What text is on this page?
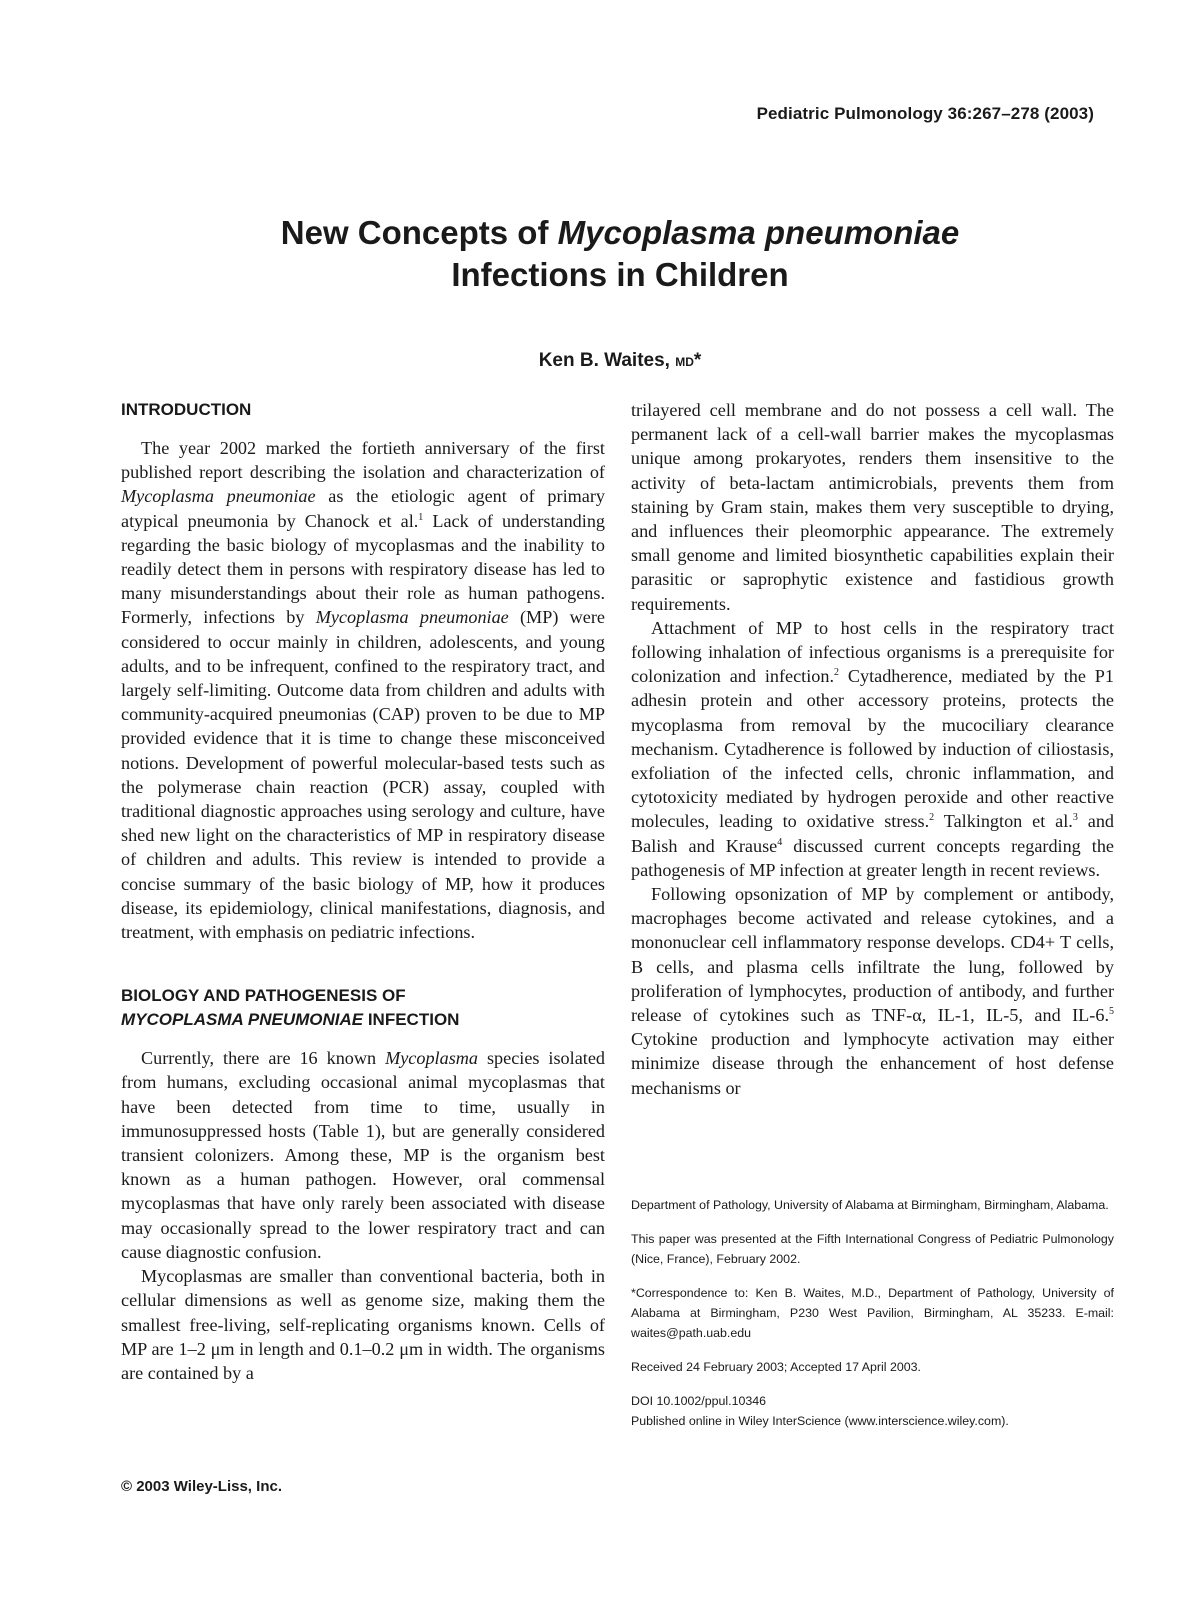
Pediatric Pulmonology 36:267–278 (2003)
New Concepts of Mycoplasma pneumoniae
Infections in Children
Ken B. Waites, MD*
INTRODUCTION

The year 2002 marked the fortieth anniversary of the first published report describing the isolation and characterization of Mycoplasma pneumoniae as the etiologic agent of primary atypical pneumonia by Chanock et al.$^1$ Lack of understanding regarding the basic biology of mycoplasmas and the inability to readily detect them in persons with respiratory disease has led to many misunderstandings about their role as human pathogens. Formerly, infections by Mycoplasma pneumoniae (MP) were considered to occur mainly in children, adolescents, and young adults, and to be infrequent, confined to the respiratory tract, and largely self-limiting. Outcome data from children and adults with community-acquired pneumonias (CAP) proven to be due to MP provided evidence that it is time to change these misconceived notions. Development of powerful molecular-based tests such as the polymerase chain reaction (PCR) assay, coupled with traditional diagnostic approaches using serology and culture, have shed new light on the characteristics of MP in respiratory disease of children and adults. This review is intended to provide a concise summary of the basic biology of MP, how it produces disease, its epidemiology, clinical manifestations, diagnosis, and treatment, with emphasis on pediatric infections.

BIOLOGY AND PATHOGENESIS OF
MYCOPLASMA PNEUMONIAE INFECTION

Currently, there are 16 known Mycoplasma species isolated from humans, excluding occasional animal mycoplasmas that have been detected from time to time, usually in immunosuppressed hosts (Table 1), but are generally considered transient colonizers. Among these, MP is the organism best known as a human pathogen. However, oral commensal mycoplasmas that have only rarely been associated with disease may occasionally spread to the lower respiratory tract and can cause diagnostic confusion.

Mycoplasmas are smaller than conventional bacteria, both in cellular dimensions as well as genome size, making them the smallest free-living, self-replicating organisms known. Cells of MP are 1–2 μm in length and 0.1–0.2 μm in width. The organisms are contained by a

trilayered cell membrane and do not possess a cell wall. The permanent lack of a cell-wall barrier makes the mycoplasmas unique among prokaryotes, renders them insensitive to the activity of beta-lactam antimicrobials, prevents them from staining by Gram stain, makes them very susceptible to drying, and influences their pleomorphic appearance. The extremely small genome and limited biosynthetic capabilities explain their parasitic or saprophytic existence and fastidious growth requirements.

Attachment of MP to host cells in the respiratory tract following inhalation of infectious organisms is a prerequisite for colonization and infection.$^2$ Cytadherence, mediated by the P1 adhesin protein and other accessory proteins, protects the mycoplasma from removal by the mucociliary clearance mechanism. Cytadherence is followed by induction of ciliostasis, exfoliation of the infected cells, chronic inflammation, and cytotoxicity mediated by hydrogen peroxide and other reactive molecules, leading to oxidative stress.$^2$ Talkington et al.$^3$ and Balish and Krause$^4$ discussed current concepts regarding the pathogenesis of MP infection at greater length in recent reviews.

Following opsonization of MP by complement or antibody, macrophages become activated and release cytokines, and a mononuclear cell inflammatory response develops. CD4+ T cells, B cells, and plasma cells infiltrate the lung, followed by proliferation of lymphocytes, production of antibody, and further release of cytokines such as TNF-α, IL-1, IL-5, and IL-6.$^5$ Cytokine production and lymphocyte activation may either minimize disease through the enhancement of host defense mechanisms or

Department of Pathology, University of Alabama at Birmingham, Birmingham, Alabama.
This paper was presented at the Fifth International Congress of Pediatric Pulmonology (Nice, France), February 2002.
*Correspondence to: Ken B. Waites, M.D., Department of Pathology, University of Alabama at Birmingham, P230 West Pavilion, Birmingham, AL 35233. E-mail: waites@path.uab.edu
Received 24 February 2003; Accepted 17 April 2003.
DOI 10.1002/ppul.10346
Published online in Wiley InterScience (www.interscience.wiley.com).
© 2003 Wiley-Liss, Inc.
